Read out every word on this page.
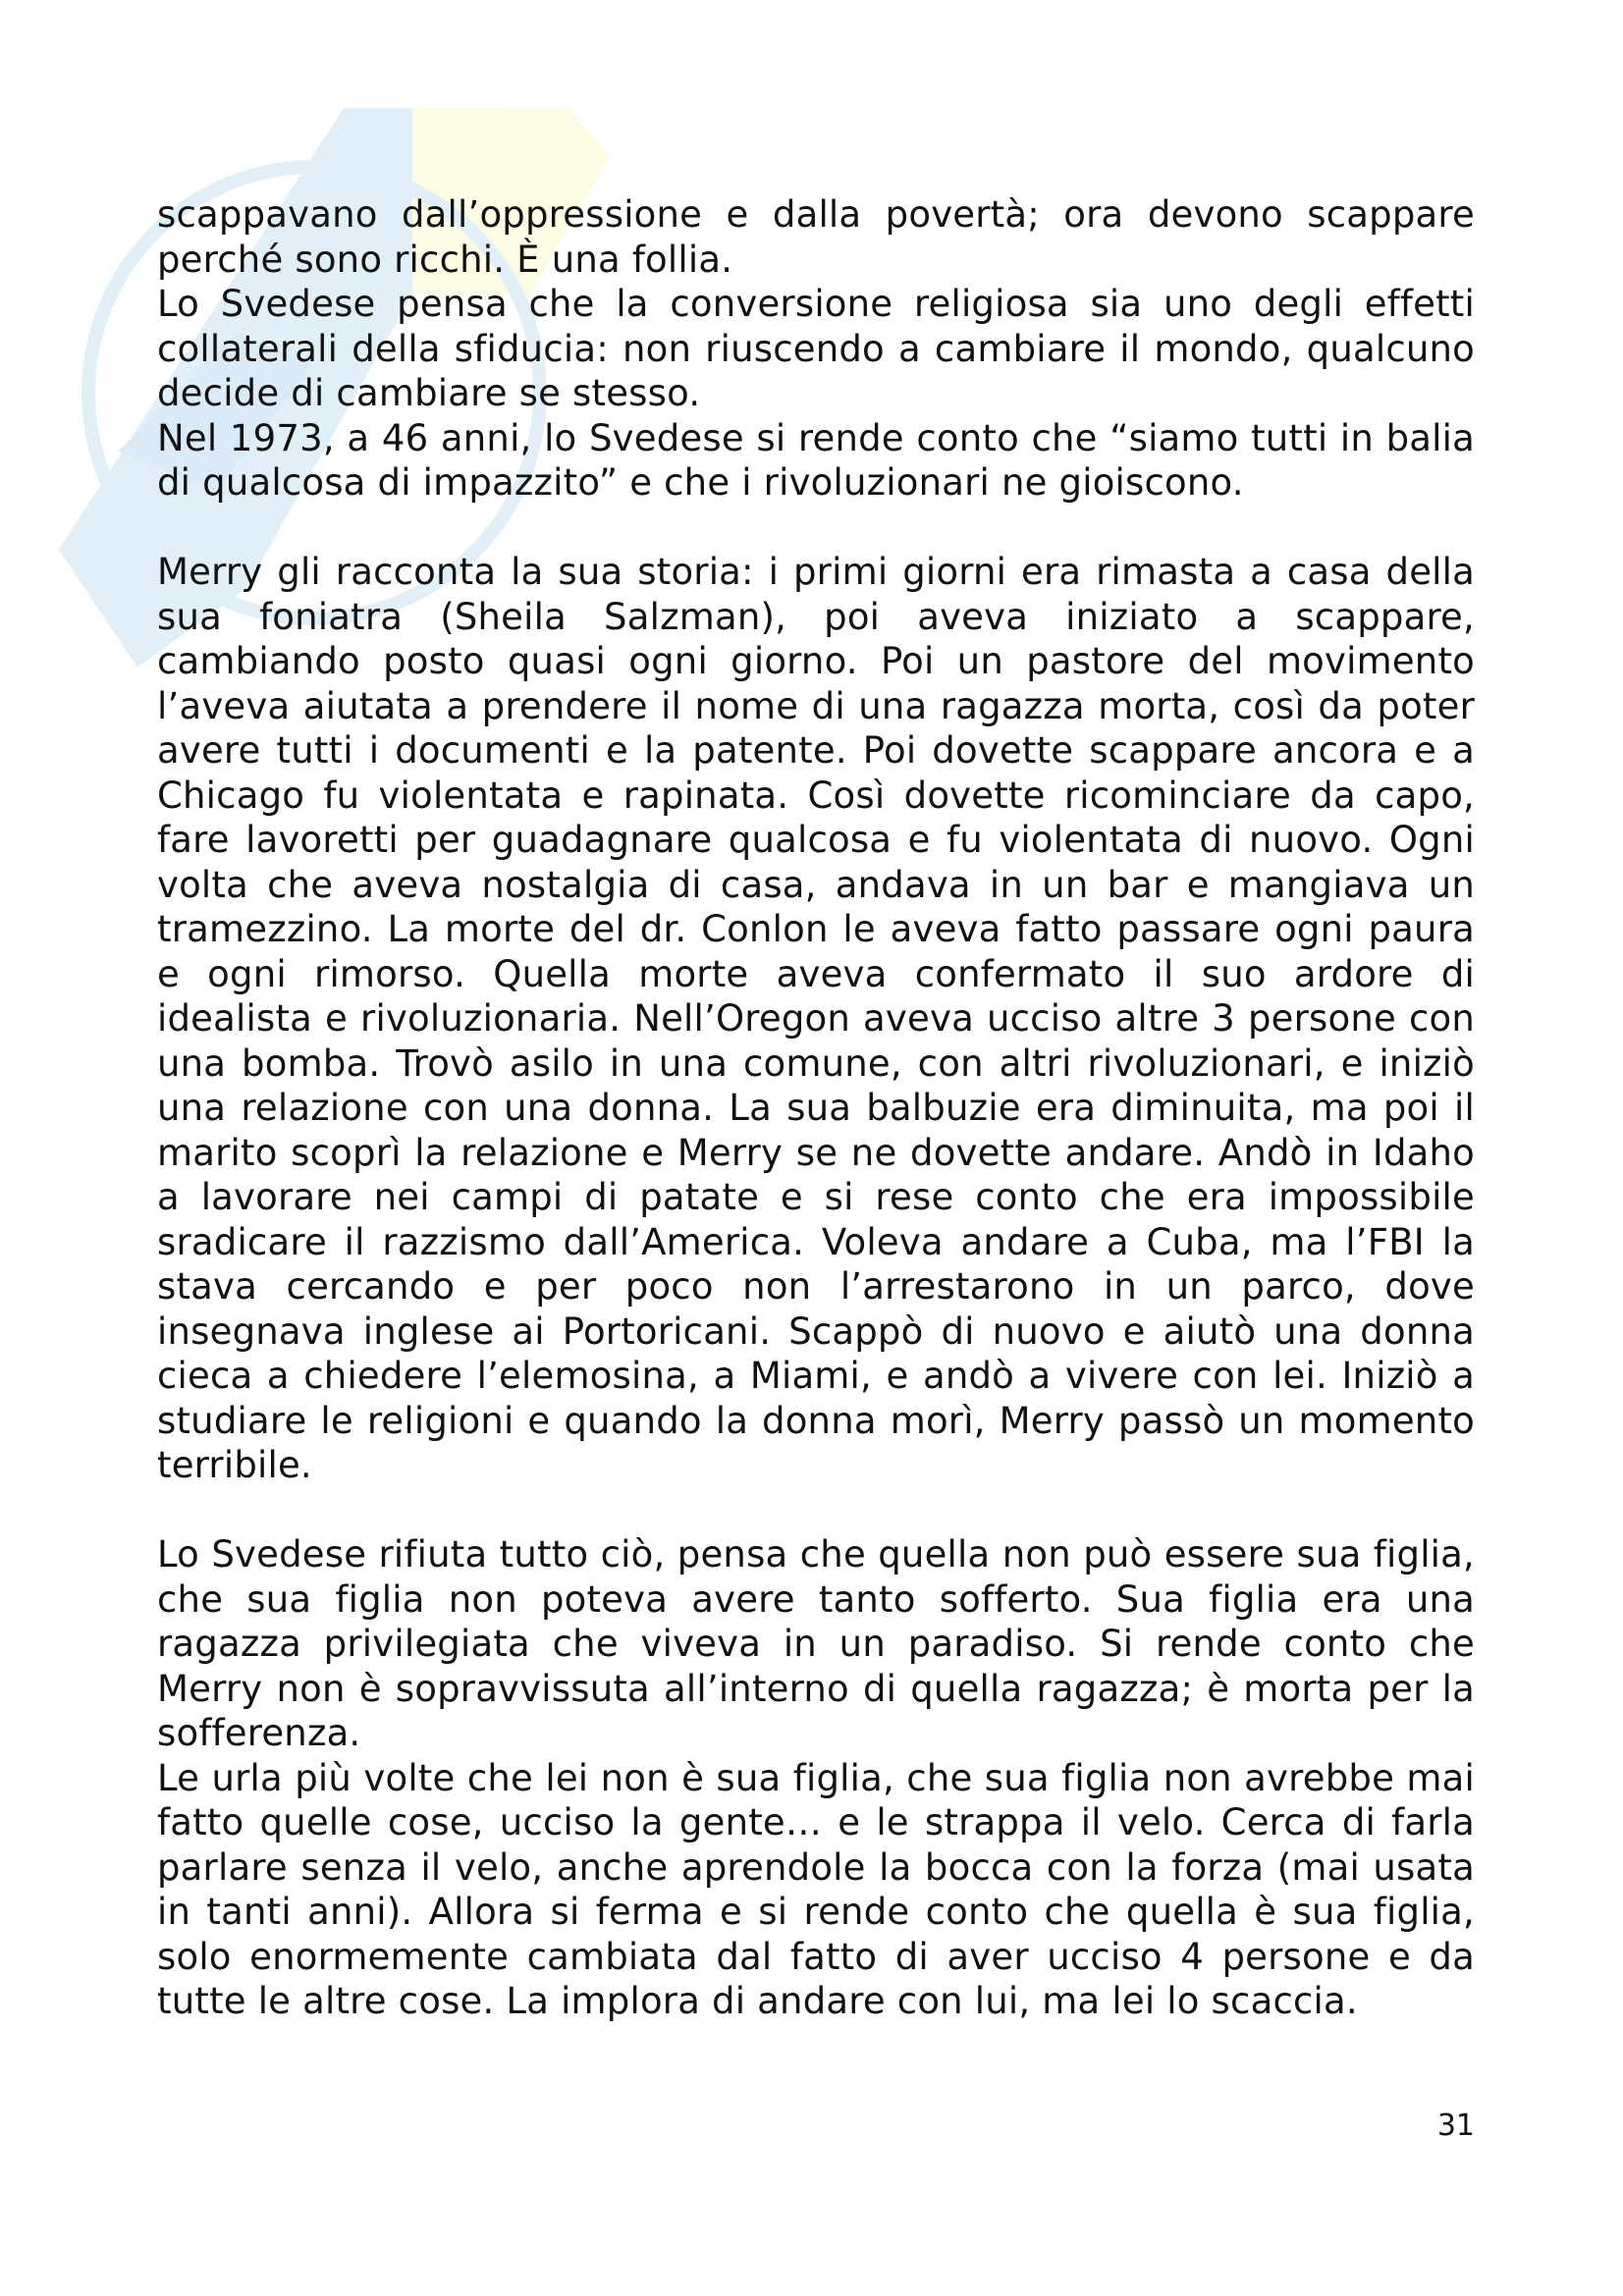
scappavano dall’oppressione e dalla povertà; ora devono scappare perché sono ricchi. È una follia.

Lo Svedese pensa che la conversione religiosa sia uno degli effetti collaterali della sfiducia: non riuscendo a cambiare il mondo, qualcuno decide di cambiare se stesso.

Nel 1973, a 46 anni, lo Svedese si rende conto che “siamo tutti in balia di qualcosa di impazzito” e che i rivoluzionari ne gioiscono.

Merry gli racconta la sua storia: i primi giorni era rimasta a casa della sua foniatra (Sheila Salzman), poi aveva iniziato a scappare, cambiando posto quasi ogni giorno. Poi un pastore del movimento l’aveva aiutata a prendere il nome di una ragazza morta, così da poter avere tutti i documenti e la patente. Poi dovette scappare ancora e a Chicago fu violentata e rapinata. Così dovette ricominciare da capo, fare lavoretti per guadagnare qualcosa e fu violentata di nuovo. Ogni volta che aveva nostalgia di casa, andava in un bar e mangiava un tramezzino. La morte del dr. Conlon le aveva fatto passare ogni paura e ogni rimorso. Quella morte aveva confermato il suo ardore di idealista e rivoluzionaria. Nell’Oregon aveva ucciso altre 3 persone con una bomba. Trovò asilo in una comune, con altri rivoluzionari, e iniziò una relazione con una donna. La sua balbuzie era diminuita, ma poi il marito scoprì la relazione e Merry se ne dovette andare. Andò in Idaho a lavorare nei campi di patate e si rese conto che era impossibile sradicare il razzismo dall’America. Voleva andare a Cuba, ma l’FBI la stava cercando e per poco non l’arrestarono in un parco, dove insegnava inglese ai Portoricani. Scappò di nuovo e aiutò una donna cieca a chiedere l’elemosina, a Miami, e andò a vivere con lei. Iniziò a studiare le religioni e quando la donna morì, Merry passò un momento terribile.

Lo Svedese rifiuta tutto ciò, pensa che quella non può essere sua figlia, che sua figlia non poteva avere tanto sofferto. Sua figlia era una ragazza privilegiata che viveva in un paradiso. Si rende conto che Merry non è sopravvissuta all’interno di quella ragazza; è morta per la sofferenza.

Le urla più volte che lei non è sua figlia, che sua figlia non avrebbe mai fatto quelle cose, ucciso la gente… e le strappa il velo. Cerca di farla parlare senza il velo, anche aprendole la bocca con la forza (mai usata in tanti anni). Allora si ferma e si rende conto che quella è sua figlia, solo enormemente cambiata dal fatto di aver ucciso 4 persone e da tutte le altre cose. La implora di andare con lui, ma lei lo scaccia.

31
